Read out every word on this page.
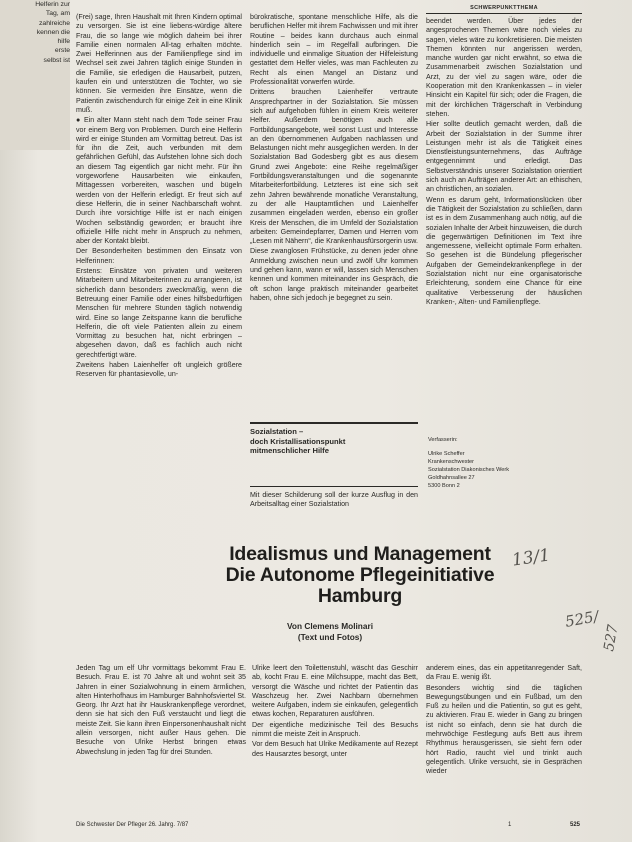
Helferin zur
Tag, am
zahlreiche
kennen die
hilfe
erste
selbst ist
SCHWERPUNKTTHEMA

(Frei) sage, Ihren Haushalt mit Ihren Kindern optimal zu versorgen. Sie ist eine liebens-würdige ältere Frau, die so lange wie möglich daheim bei ihrer Familie einen normalen All-tag erhalten möchte. Zwei Helferinnen aus der Familienpflege sind im Wechsel seit zwei Jahren täglich einige Stunden in die Familie, sie erledigen die Hausarbeit, putzen, kaufen ein und unterstützen die Tochter, wo sie können. Sie vermeiden ihre Einsätze, wenn die Patientin zwischendurch für einige Zeit in eine Klinik muß.

● Ein alter Mann steht nach dem Tode seiner Frau vor einem Berg von Problemen. Durch eine Helferin wird er einige Stunden am Vormittag betreut. Das ist für ihn die Zeit, auch verbunden mit dem gefährlichen Gefühl, das Aufstehen lohne sich doch an diesem Tag eigentlich gar nicht mehr. Für ihn vorgeworfene Hausarbeiten wie einkaufen, Mittagessen vorbereiten, waschen und bügeln werden von der Helferin erledigt. Er freut sich auf diese Helferin, die in seiner Nachbarschaft wohnt. Durch ihre vorsichtige Hilfe ist er nach einigen Wochen selbständig geworden; er braucht ihre offizielle Hilfe nicht mehr in Anspruch zu nehmen, aber der Kontakt bleibt.

Der Besonderheiten bestimmen den Einsatz von Helferinnen:

Erstens: Einsätze von privaten und weiteren Mitarbeitern und Mitarbeiterinnen zu arrangieren, ist sicherlich dann besonders zweckmäßig, wenn die Betreuung einer Familie oder eines hilfsbedürftigen Menschen für mehrere Stunden täglich notwendig wird. Eine so lange Zeitspanne kann die berufliche Helferin, die oft viele Patienten allein zu einem Vormittag zu besuchen hat, nicht erbringen – abgesehen davon, daß es fachlich auch nicht gerechtfertigt wäre.

Zweitens haben Laienhelfer oft ungleich größere Reserven für phantasievolle, un-

bürokratische, spontane menschliche Hilfe, als die beruflichen Helfer mit ihrem Fachwissen und mit ihrer Routine – beides kann durchaus auch einmal hinderlich sein – im Regelfall aufbringen. Die individuelle und einmalige Situation der Hilfeleistung gestattet dem Helfer vieles, was man Fachleuten zu Recht als einen Mangel an Distanz und Professionalität vorwerfen würde.

Drittens brauchen Laienhelfer vertraute Ansprechpartner in der Sozialstation. Sie müssen sich auf aufgehoben fühlen in einem Kreis weiterer Helfer. Außerdem benötigen auch alle Fortbildungsangebote, weil sonst Lust und Interesse an den übernommenen Aufgaben nachlassen und Belastungen nicht mehr ausgeglichen werden. In der Sozialstation Bad Godesberg gibt es aus diesem Grund zwei Angebote: eine Reihe regelmäßiger Fortbildungsveranstaltungen und die sogenannte Mitarbeiterfortbildung. Letzteres ist eine sich seit zehn Jahren bewährende monatliche Veranstaltung, zu der alle Hauptamtlichen und Laienhelfer zusammen eingeladen werden, ebenso ein großer Kreis der Menschen, die im Umfeld der Sozialstation arbeiten: Gemeindepfarrer, Damen und Herren vom „Lesen mit Nähern“, die Krankenhausfürsorgerin usw.

Diese zwanglosen Frühstücke, zu denen jeder ohne Anmeldung zwischen neun und zwölf Uhr kommen und gehen kann, wann er will, lassen sich Menschen kennen und kommen miteinander ins Gespräch, die oft schon lange praktisch miteinander gearbeitet haben, ohne sich jedoch je begegnet zu sein.

Sozialstation –
doch Kristallisationspunkt
mitmenschlicher Hilfe

Mit dieser Schilderung soll der kurze Ausflug in den Arbeitsalltag einer Sozialstation

beendet werden. Über jedes der angesprochenen Themen wäre noch vieles zu sagen, vieles wäre zu konkretisieren. Die meisten Themen könnten nur angerissen werden, manche wurden gar nicht erwähnt, so etwa die Zusammenarbeit zwischen Sozialstation und Arzt, zu der viel zu sagen wäre, oder die Kooperation mit den Krankenkassen – in vieler Hinsicht ein Kapitel für sich; oder die Fragen, die mit der kirchlichen Trägerschaft in Verbindung stehen.

Hier sollte deutlich gemacht werden, daß die Arbeit der Sozialstation in der Summe ihrer Leistungen mehr ist als die Tätigkeit eines Dienstleistungsunternehmens, das Aufträge entgegennimmt und erledigt. Das Selbstverständnis unserer Sozialstation orientiert sich auch an Aufträgen anderer Art: an ethischen, an christlichen, an sozialen.

Wenn es darum geht, Informationslücken über die Tätigkeit der Sozialstation zu schließen, dann ist es in dem Zusammenhang auch nötig, auf die sozialen Inhalte der Arbeit hinzuweisen, die durch die gegenwärtigen Definitionen im Text ihre angemessene, vielleicht optimale Form erhalten. So gesehen ist die Bündelung pflegerischer Aufgaben der Gemeindekrankenpflege in der Sozialstation nicht nur eine organisatorische Erleichterung, sondern eine Chance für eine qualitative Verbesserung der häuslichen Kranken-, Alten- und Familienpflege.

Verfasserin:
Ulrike Scheffer
Krankenschwester
Sozialstation Diakonisches Werk
Goldhahnsallee 27
5300 Bonn 2
Idealismus und Management
Die Autonome Pflegeinitiative
Hamburg
Von Clemens Molinari
(Text und Fotos)
13/1
525/
527

Jeden Tag um elf Uhr vormittags bekommt Frau E. Besuch. Frau E. ist 70 Jahre alt und wohnt seit 35 Jahren in einer Sozialwohnung in einem ärmlichen, alten Hinterhofhaus im Hamburger Bahnhofsviertel St. Georg. Ihr Arzt hat ihr Hauskrankenpflege verordnet, denn sie hat sich den Fuß verstaucht und liegt die meiste Zeit. Sie kann ihren Einpersonenhaushalt nicht allein versorgen, nicht außer Haus gehen. Die Besuche von Ulrike Herbst bringen etwas Abwechslung in jeden Tag für drei Stunden.

Ulrike leert den Toilettenstuhl, wäscht das Geschirr ab, kocht Frau E. eine Milchsuppe, macht das Bett, versorgt die Wäsche und richtet der Patientin das Waschzeug her. Zwei Nachbarn übernehmen weitere Aufgaben, indem sie einkaufen, gelegentlich etwas kochen, Reparaturen ausführen.

Der eigentliche medizinische Teil des Besuchs nimmt die meiste Zeit in Anspruch.

Vor dem Besuch hat Ulrike Medikamente auf Rezept des Hausarztes besorgt, unter

anderem eines, das ein appetitanregender Saft, da Frau E. wenig ißt.

Besonders wichtig sind die täglichen Bewegungsübungen und ein Fußbad, um den Fuß zu heilen und die Patientin, so gut es geht, zu aktivieren. Frau E. wieder in Gang zu bringen ist nicht so einfach, denn sie hat durch die mehrwöchige Festlegung aufs Bett aus ihrem Rhythmus herausgerissen, sie sieht fern oder hört Radio, raucht viel und trinkt auch gelegentlich. Ulrike versucht, sie in Gesprächen wieder

Die Schwester Der Pfleger 26. Jahrg. 7/87	1	525
